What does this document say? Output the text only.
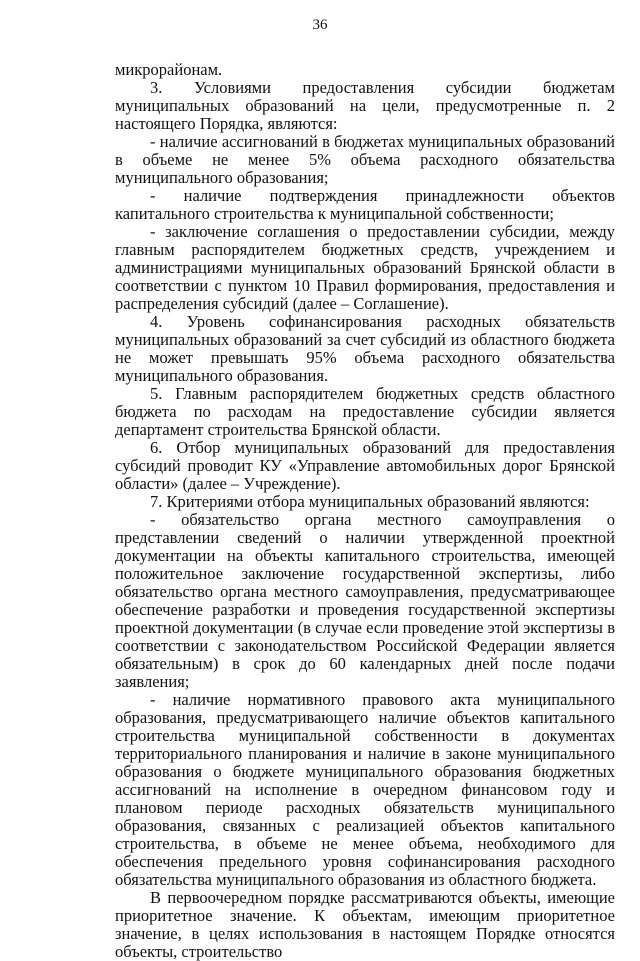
36

микрорайонам.

3. Условиями предоставления субсидии бюджетам муниципальных образований на цели, предусмотренные п. 2 настоящего Порядка, являются:

- наличие ассигнований в бюджетах муниципальных образований в объеме не менее 5% объема расходного обязательства муниципального образования;

- наличие подтверждения принадлежности объектов капитального строительства к муниципальной собственности;

- заключение соглашения о предоставлении субсидии, между главным распорядителем бюджетных средств, учреждением и администрациями муниципальных образований Брянской области в соответствии с пунктом 10 Правил формирования, предоставления и распределения субсидий (далее – Соглашение).

4. Уровень софинансирования расходных обязательств муниципальных образований за счет субсидий из областного бюджета не может превышать 95% объема расходного обязательства муниципального образования.

5. Главным распорядителем бюджетных средств областного бюджета по расходам на предоставление субсидии является департамент строительства Брянской области.

6. Отбор муниципальных образований для предоставления субсидий проводит КУ «Управление автомобильных дорог Брянской области» (далее – Учреждение).

7. Критериями отбора муниципальных образований являются:

- обязательство органа местного самоуправления о представлении сведений о наличии утвержденной проектной документации на объекты капитального строительства, имеющей положительное заключение государственной экспертизы, либо обязательство органа местного самоуправления, предусматривающее обеспечение разработки и проведения государственной экспертизы проектной документации (в случае если проведение этой экспертизы в соответствии с законодательством Российской Федерации является обязательным) в срок до 60 календарных дней после подачи заявления;

- наличие нормативного правового акта муниципального образования, предусматривающего наличие объектов капитального строительства муниципальной собственности в документах территориального планирования и наличие в законе муниципального образования о бюджете муниципального образования бюджетных ассигнований на исполнение в очередном финансовом году и плановом периоде расходных обязательств муниципального образования, связанных с реализацией объектов капитального строительства, в объеме не менее объема, необходимого для обеспечения предельного уровня софинансирования расходного обязательства муниципального образования из областного бюджета.

В первоочередном порядке рассматриваются объекты, имеющие приоритетное значение. К объектам, имеющим приоритетное значение, в целях использования в настоящем Порядке относятся объекты, строительство
